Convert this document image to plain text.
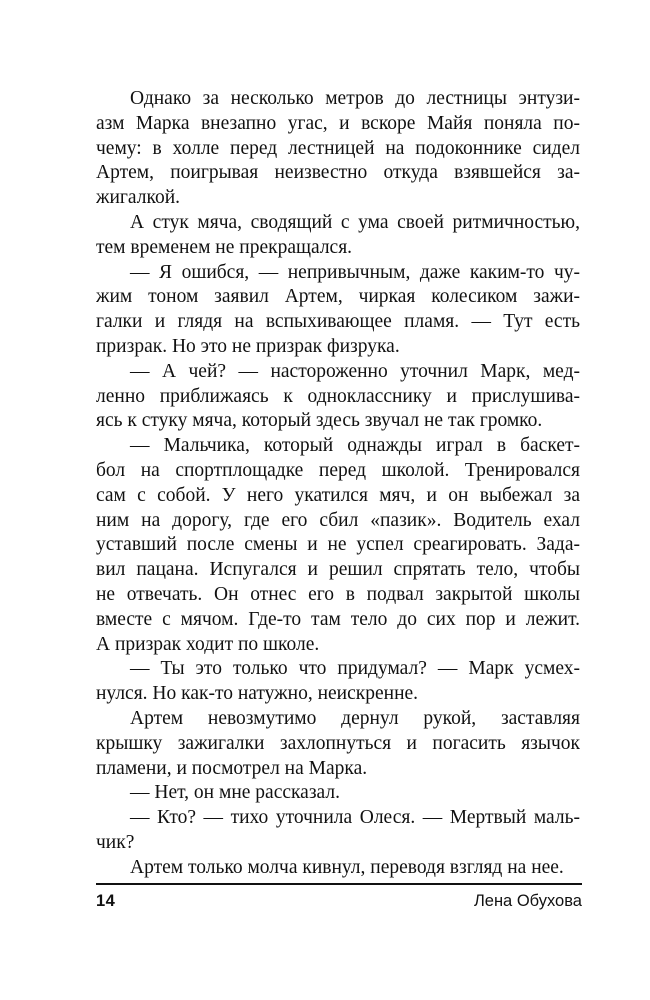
Однако за несколько метров до лестницы энтузи-
азм Марка внезапно угас, и вскоре Майя поняла по-
чему: в холле перед лестницей на подоконнике сидел
Артем, поигрывая неизвестно откуда взявшейся за-
жигалкой.
А стук мяча, сводящий с ума своей ритмичностью,
тем временем не прекращался.
— Я ошибся, — непривычным, даже каким-то чу-
жим тоном заявил Артем, чиркая колесиком зажи-
галки и глядя на вспыхивающее пламя. — Тут есть
призрак. Но это не призрак физрука.
— А чей? — настороженно уточнил Марк, мед-
ленно приближаясь к однокласснику и прислушива-
ясь к стуку мяча, который здесь звучал не так громко.
— Мальчика, который однажды играл в баскет-
бол на спортплощадке перед школой. Тренировался
сам с собой. У него укатился мяч, и он выбежал за
ним на дорогу, где его сбил «пазик». Водитель ехал
уставший после смены и не успел среагировать. Зада-
вил пацана. Испугался и решил спрятать тело, чтобы
не отвечать. Он отнес его в подвал закрытой школы
вместе с мячом. Где-то там тело до сих пор и лежит.
А призрак ходит по школе.
— Ты это только что придумал? — Марк усмех-
нулся. Но как-то натужно, неискренне.
Артем невозмутимо дернул рукой, заставляя
крышку зажигалки захлопнуться и погасить язычок
пламени, и посмотрел на Марка.
— Нет, он мне рассказал.
— Кто? — тихо уточнила Олеся. — Мертвый маль-
чик?
Артем только молча кивнул, переводя взгляд на нее.
14	Лена Обухова
